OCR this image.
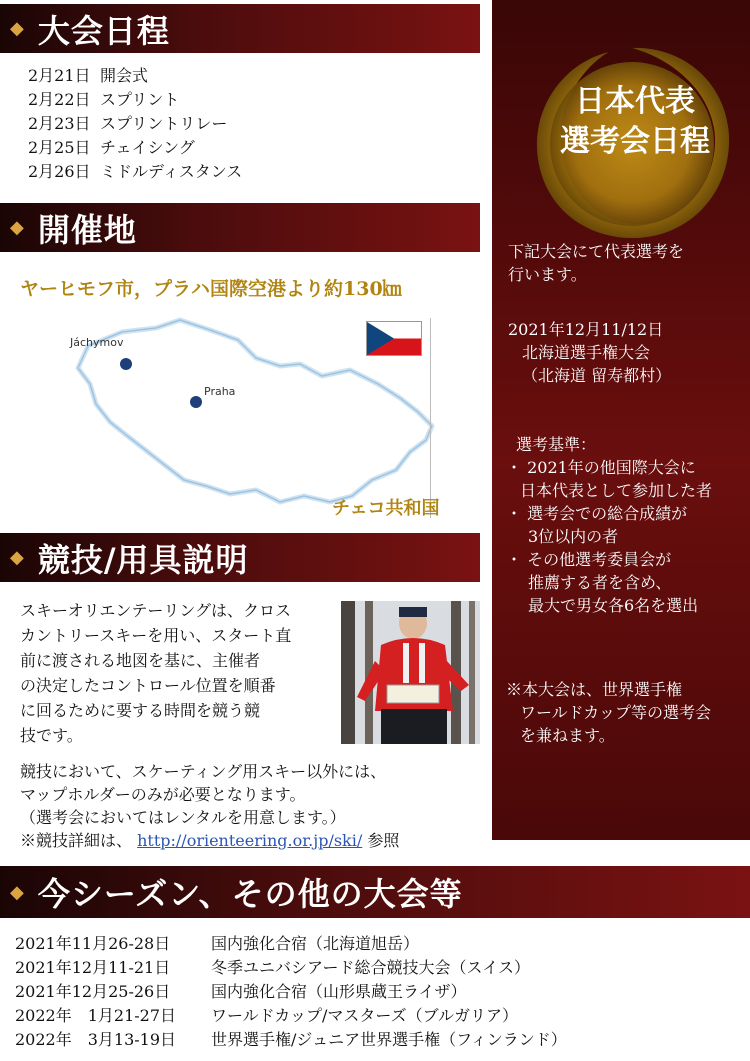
日本代表
選考会日程
下記大会にて代表選考を
行います。
2021年12月11/12日
北海道選手権大会
（北海道 留寿都村）
選考基準：
・ 2021年の他国際大会に
日本代表として参加した者
・ 選考会での総合成績が
3位以内の者
・ その他選考委員会が
推薦する者を含め、
最大で男女各6名を選出
※本大会は、世界選手権
ワールドカップ等の選考会
を兼ねます。
◆ 大会日程
2月21日 開会式
2月22日 スプリント
2月23日 スプリントリレー
2月25日 チェイシング
2月26日 ミドルディスタンス
◆ 開催地
ヤーヒモフ市，プラハ国際空港より約130㎞
Jáchymov
Praha
チェコ共和国
◆ 競技/用具説明
スキーオリエンテーリングは、クロス
カントリースキーを用い、スタート直
前に渡される地図を基に、主催者
の決定したコントロール位置を順番
に回るために要する時間を競う競
技です。
競技において、スケーティング用スキー以外には、
マップホルダーのみが必要となります。
（選考会においてはレンタルを用意します。）
※競技詳細は、 http://orienteering.or.jp/ski/ 参照
◆ 今シーズン、その他の大会等
2021年11月26-28日	国内強化合宿（北海道旭岳）
2021年12月11-21日	冬季ユニバシアード総合競技大会（スイス）
2021年12月25-26日	国内強化合宿（山形県蔵王ライザ）
2022年　1月21-27日 ワールドカップ/マスターズ（ブルガリア）
2022年　3月13-19日 世界選手権/ジュニア世界選手権（フィンランド）
